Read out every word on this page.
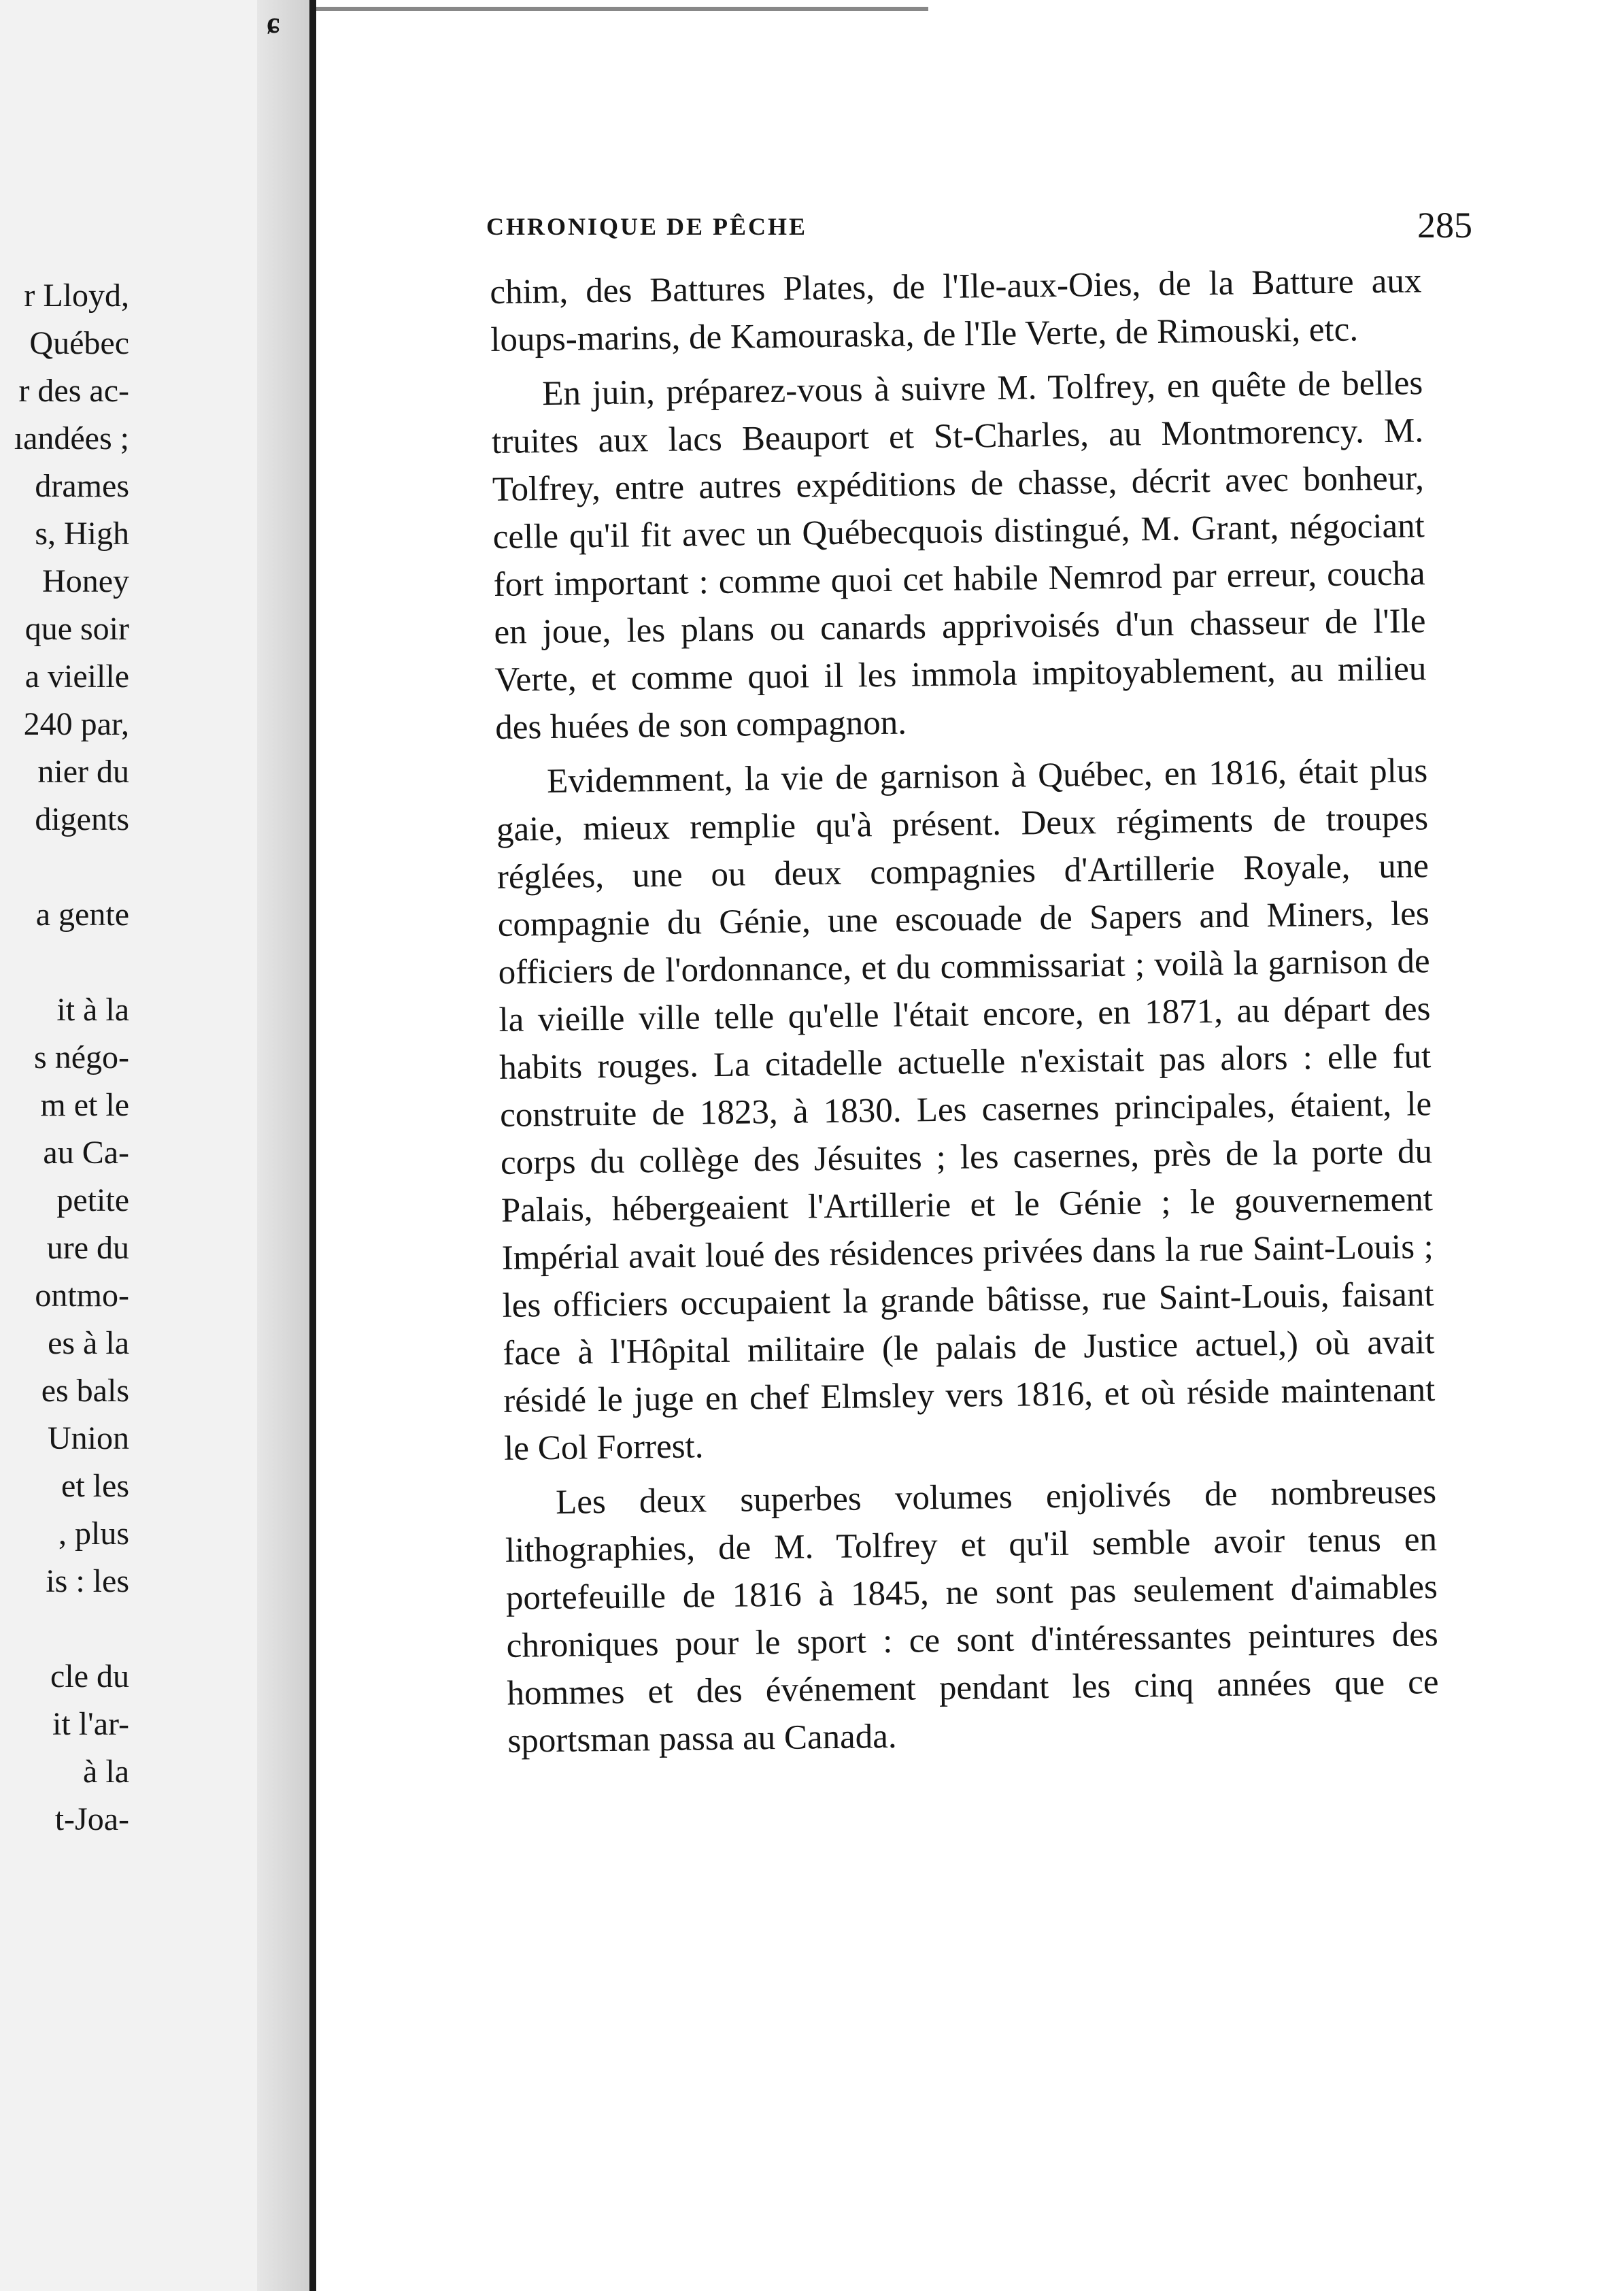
r Lloyd,
Québec
r des ac-
ıandées ;
drames
s, High
Honey
que soir
a vieille
240 par,
nier du
digents
a gente
it à la
s négo-
m et le
au Ca-
petite
ure du
ontmo-
es à la
es bals
Union
et les
, plus
is : les
cle du
it l'ar-
à la
t-Joa-
ɕ
CHRONIQUE DE PÊCHE	285

chim, des Battures Plates, de l'Ile-aux-Oies, de la Batture aux loups-marins, de Kamouraska, de l'Ile Verte, de Rimouski, etc.

En juin, préparez-vous à suivre M. Tolfrey, en quête de belles truites aux lacs Beauport et St-Charles, au Montmorency. M. Tolfrey, entre autres expéditions de chasse, décrit avec bonheur, celle qu'il fit avec un Québecquois distingué, M. Grant, négociant fort important : comme quoi cet habile Nemrod par erreur, coucha en joue, les plans ou canards apprivoisés d'un chasseur de l'Ile Verte, et comme quoi il les immola impitoyablement, au milieu des huées de son compagnon.

Evidemment, la vie de garnison à Québec, en 1816, était plus gaie, mieux remplie qu'à présent. Deux régiments de troupes réglées, une ou deux compagnies d'Artillerie Royale, une compagnie du Génie, une escouade de Sapers and Miners, les officiers de l'ordonnance, et du commissariat ; voilà la garnison de la vieille ville telle qu'elle l'était encore, en 1871, au départ des habits rouges. La citadelle actuelle n'existait pas alors : elle fut construite de 1823, à 1830. Les casernes principales, étaient, le corps du collège des Jésuites ; les casernes, près de la porte du Palais, hébergeaient l'Artillerie et le Génie ; le gouvernement Impérial avait loué des résidences privées dans la rue Saint-Louis ; les officiers occupaient la grande bâtisse, rue Saint-Louis, faisant face à l'Hôpital militaire (le palais de Justice actuel,) où avait résidé le juge en chef Elmsley vers 1816, et où réside maintenant le Col Forrest.

Les deux superbes volumes enjolivés de nombreuses lithographies, de M. Tolfrey et qu'il semble avoir tenus en portefeuille de 1816 à 1845, ne sont pas seulement d'aimables chroniques pour le sport : ce sont d'intéressantes peintures des hommes et des événement pendant les cinq années que ce sportsman passa au Canada.
